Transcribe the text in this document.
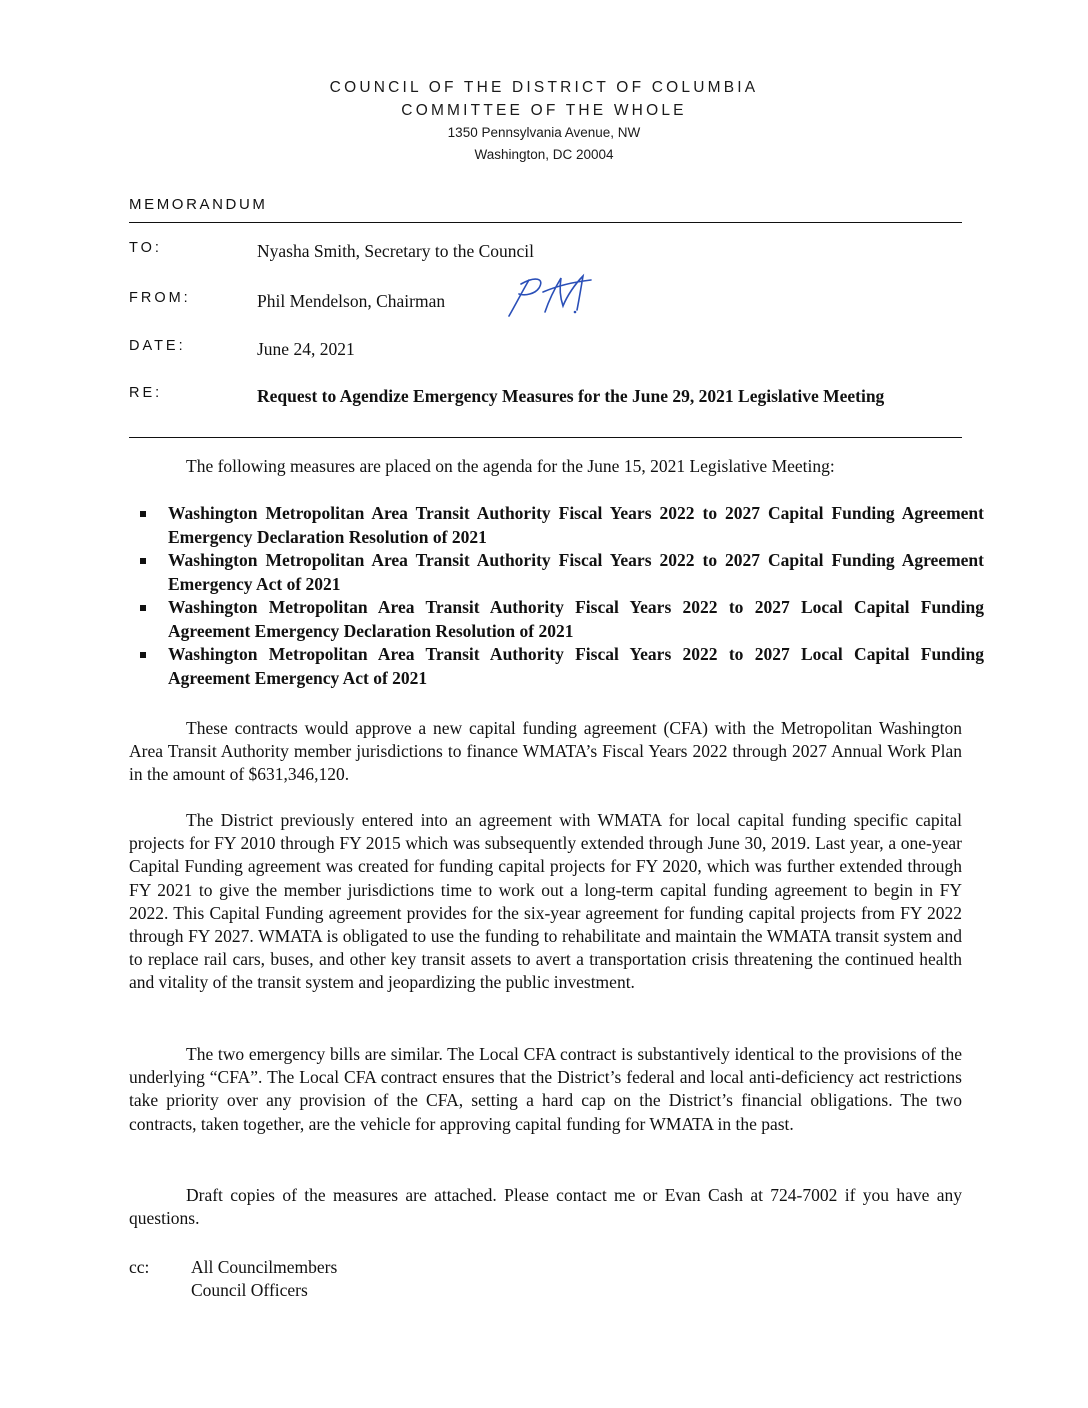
COUNCIL OF THE DISTRICT OF COLUMBIA
COMMITTEE OF THE WHOLE
1350 Pennsylvania Avenue, NW
Washington, DC 20004
MEMORANDUM
TO:	Nyasha Smith, Secretary to the Council
FROM:	Phil Mendelson, Chairman
DATE:	June 24, 2021
RE:	Request to Agendize Emergency Measures for the June 29, 2021 Legislative Meeting
The following measures are placed on the agenda for the June 15, 2021 Legislative Meeting:
Washington Metropolitan Area Transit Authority Fiscal Years 2022 to 2027 Capital Funding Agreement Emergency Declaration Resolution of 2021
Washington Metropolitan Area Transit Authority Fiscal Years 2022 to 2027 Capital Funding Agreement Emergency Act of 2021
Washington Metropolitan Area Transit Authority Fiscal Years 2022 to 2027 Local Capital Funding Agreement Emergency Declaration Resolution of 2021
Washington Metropolitan Area Transit Authority Fiscal Years 2022 to 2027 Local Capital Funding Agreement Emergency Act of 2021

These contracts would approve a new capital funding agreement (CFA) with the Metropolitan Washington Area Transit Authority member jurisdictions to finance WMATA’s Fiscal Years 2022 through 2027 Annual Work Plan in the amount of $631,346,120.

The District previously entered into an agreement with WMATA for local capital funding specific capital projects for FY 2010 through FY 2015 which was subsequently extended through June 30, 2019. Last year, a one-year Capital Funding agreement was created for funding capital projects for FY 2020, which was further extended through FY 2021 to give the member jurisdictions time to work out a long-term capital funding agreement to begin in FY 2022. This Capital Funding agreement provides for the six-year agreement for funding capital projects from FY 2022 through FY 2027. WMATA is obligated to use the funding to rehabilitate and maintain the WMATA transit system and to replace rail cars, buses, and other key transit assets to avert a transportation crisis threatening the continued health and vitality of the transit system and jeopardizing the public investment.

The two emergency bills are similar. The Local CFA contract is substantively identical to the provisions of the underlying “CFA”. The Local CFA contract ensures that the District’s federal and local anti-deficiency act restrictions take priority over any provision of the CFA, setting a hard cap on the District’s financial obligations. The two contracts, taken together, are the vehicle for approving capital funding for WMATA in the past.

Draft copies of the measures are attached. Please contact me or Evan Cash at 724-7002 if you have any questions.

cc: All Councilmembers
Council Officers
